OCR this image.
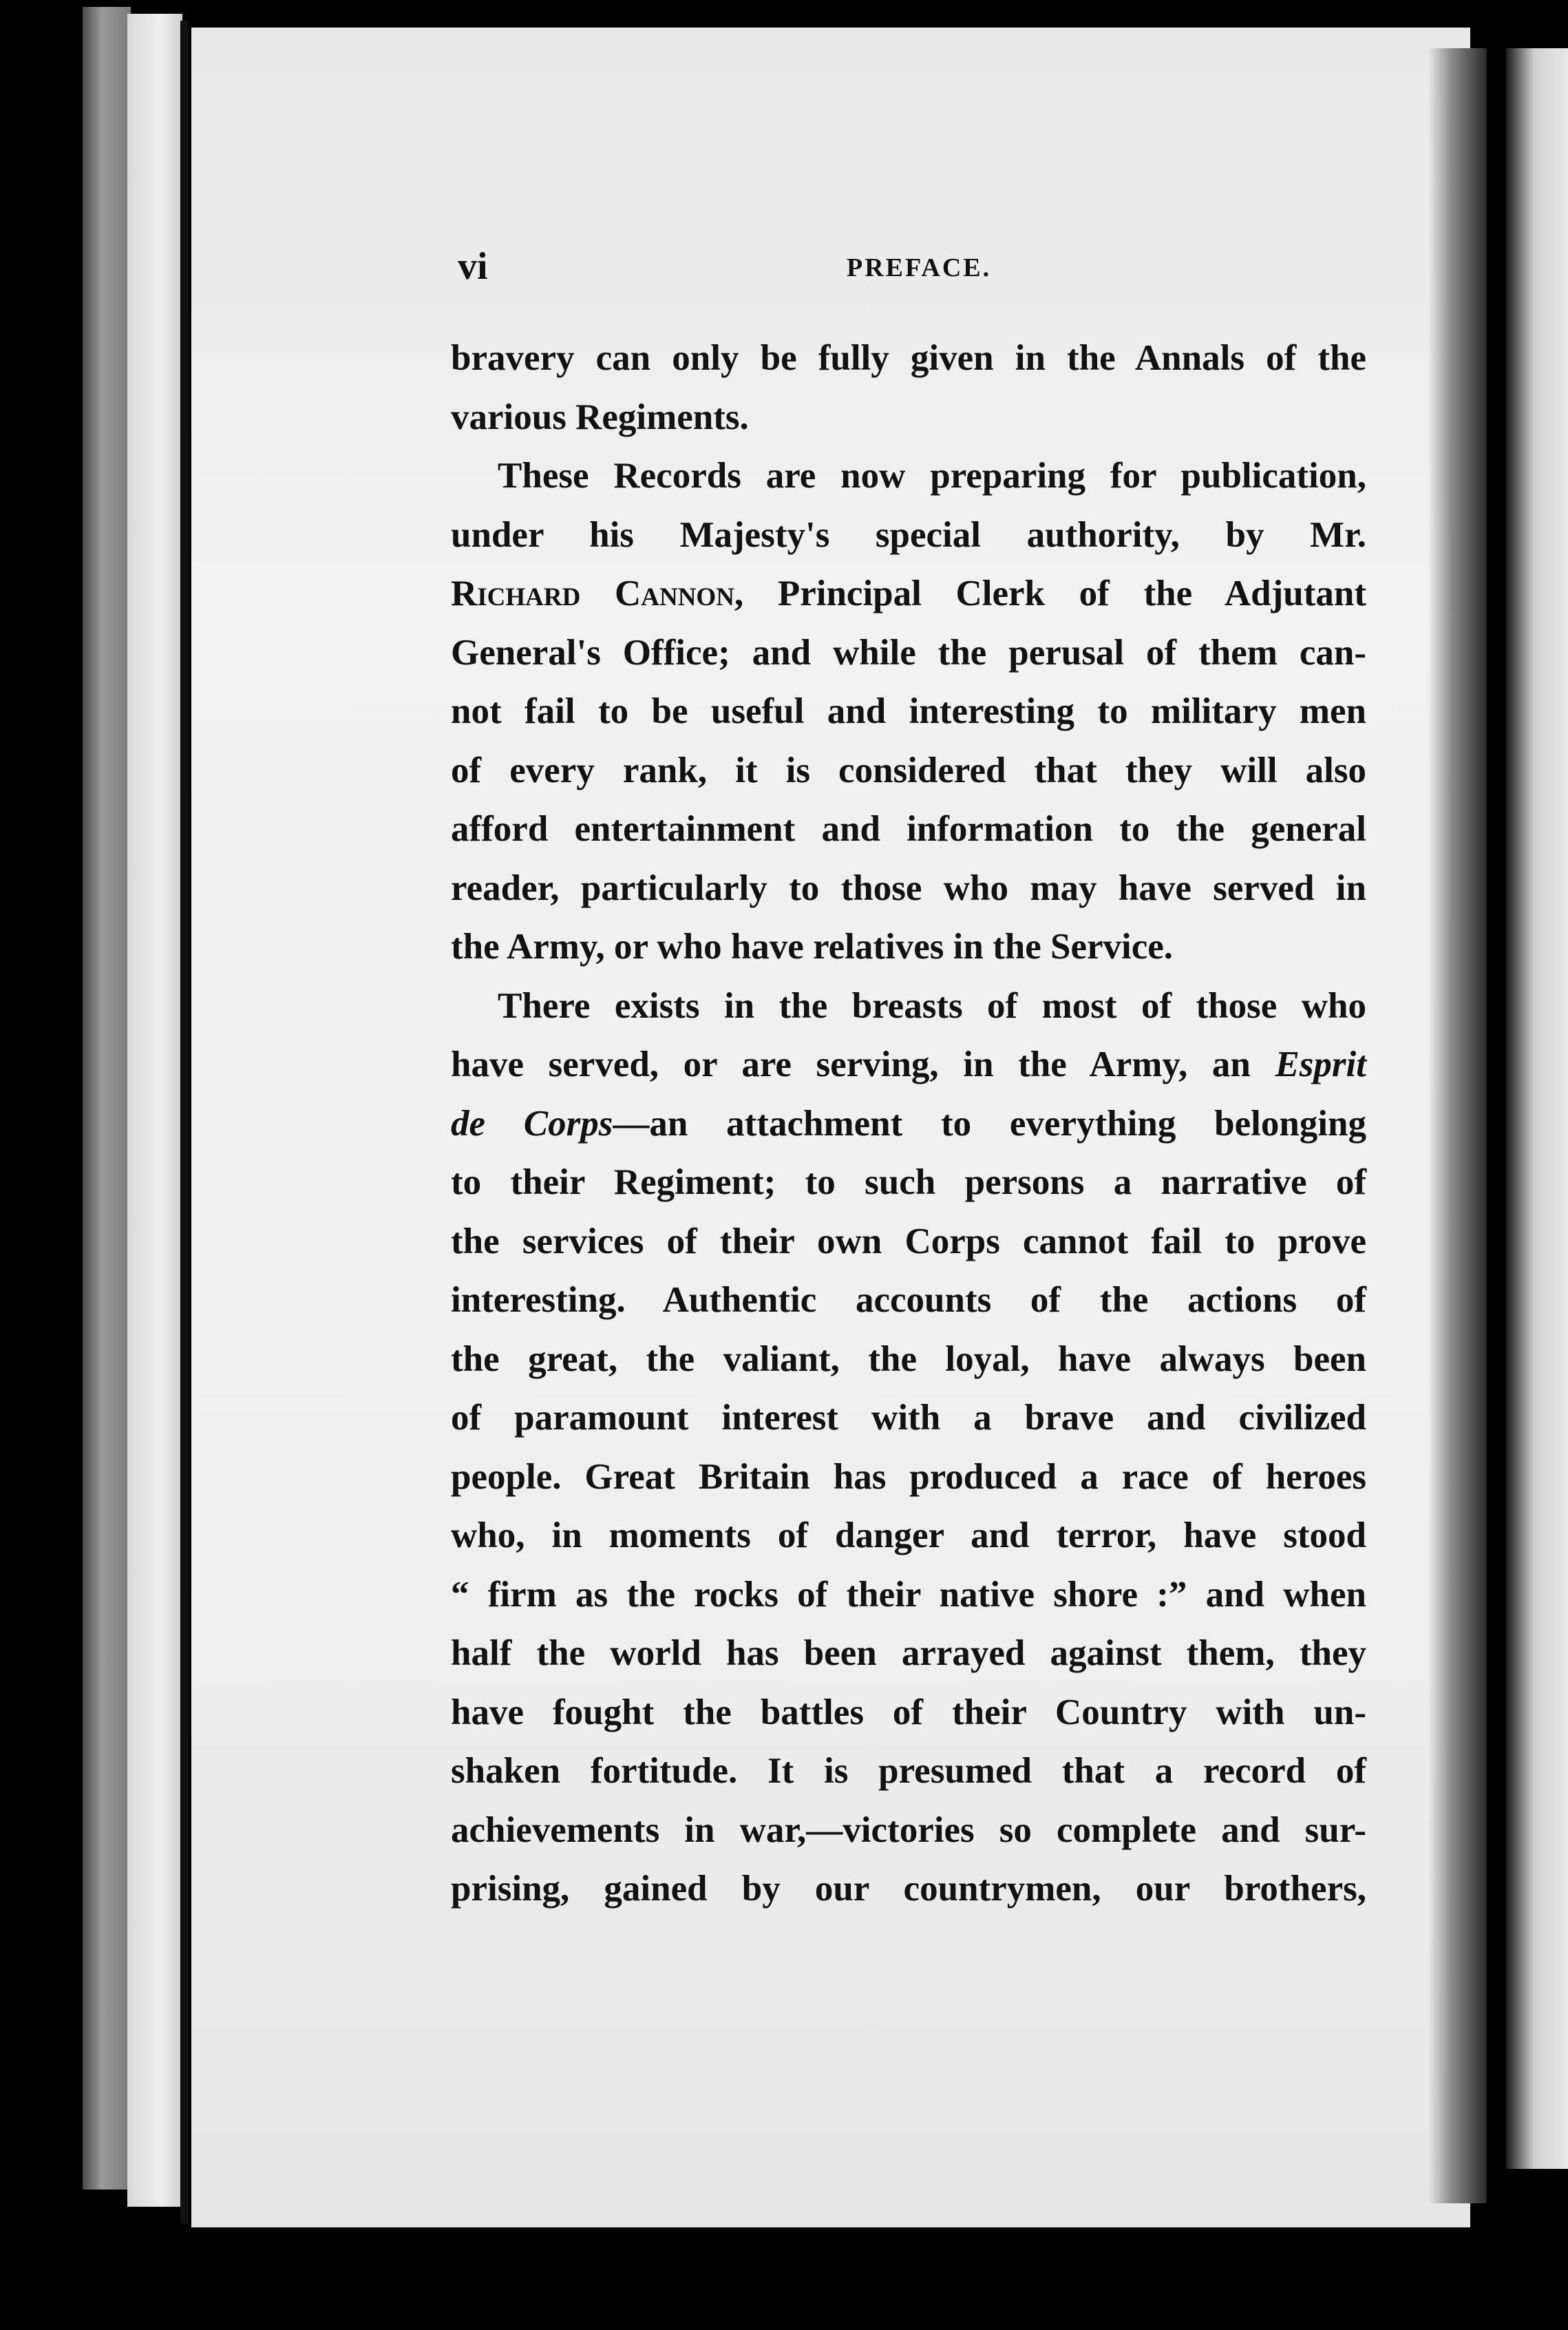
vi	PREFACE.
bravery can only be fully given in the Annals of the
various Regiments.
These Records are now preparing for publication,
under his Majesty's special authority, by Mr.
Richard Cannon, Principal Clerk of the Adjutant
General's Office; and while the perusal of them can-
not fail to be useful and interesting to military men
of every rank, it is considered that they will also
afford entertainment and information to the general
reader, particularly to those who may have served in
the Army, or who have relatives in the Service.
There exists in the breasts of most of those who
have served, or are serving, in the Army, an Esprit
de Corps—an attachment to everything belonging
to their Regiment; to such persons a narrative of
the services of their own Corps cannot fail to prove
interesting. Authentic accounts of the actions of
the great, the valiant, the loyal, have always been
of paramount interest with a brave and civilized
people. Great Britain has produced a race of heroes
who, in moments of danger and terror, have stood
“ firm as the rocks of their native shore :” and when
half the world has been arrayed against them, they
have fought the battles of their Country with un-
shaken fortitude. It is presumed that a record of
achievements in war,—victories so complete and sur-
prising, gained by our countrymen, our brothers,
